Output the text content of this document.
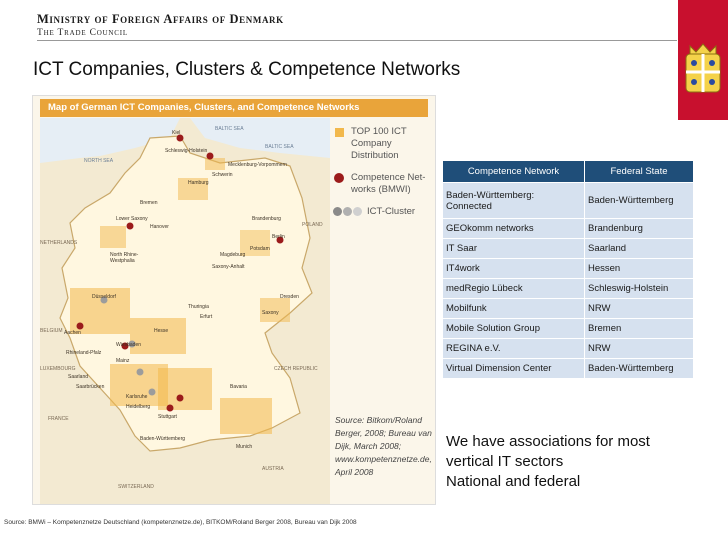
Ministry of Foreign Affairs of Denmark
The Trade Council
ICT Companies, Clusters & Competence Networks
Map of German ICT Companies, Clusters, and Competence Networks
BALTIC SEA
BALTIC SEA
NORTH SEA
NETHERLANDS
POLAND
BELGIUM
LUXEMBOURG
FRANCE
CZECH REPUBLIC
AUSTRIA
SWITZERLAND
Kiel
Schleswig-Holstein
Mecklenburg-Vorpommern
Schwerin
Hamburg
Bremen
Lower Saxony
Hanover
Brandenburg
Berlin
Potsdam
Magdeburg
Saxony-Anhalt
North Rhine-Westphalia
Düsseldorf
Thuringia
Dresden
Erfurt
Saxony
Hesse
Wiesbaden
Rhineland-Pfalz
Mainz
Saarland
Saarbrücken
Karlsruhe
Heidelberg
Stuttgart
Baden-Württemberg
Bavaria
Munich
Aachen
TOP 100 ICT Company Distribution
Competence Net-works (BMWI)
ICT-Cluster
Source: Bitkom/Roland Berger, 2008; Bureau van Dijk, March 2008; www.kompetenznetze.de, April 2008
Competence Network	Federal State
Baden-Württemberg: Connected	Baden-Württemberg
GEOkomm networks	Brandenburg
IT Saar	Saarland
IT4work	Hessen
medRegio Lübeck	Schleswig-Holstein
Mobilfunk	NRW
Mobile Solution Group	Bremen
REGINA e.V.	NRW
Virtual Dimension Center	Baden-Württemberg
We have associations for most
vertical IT sectors
National and federal
Source: BMWi – Kompetenznetze Deutschland (kompetenznetze.de), BITKOM/Roland Berger 2008, Bureau van Dijk 2008
